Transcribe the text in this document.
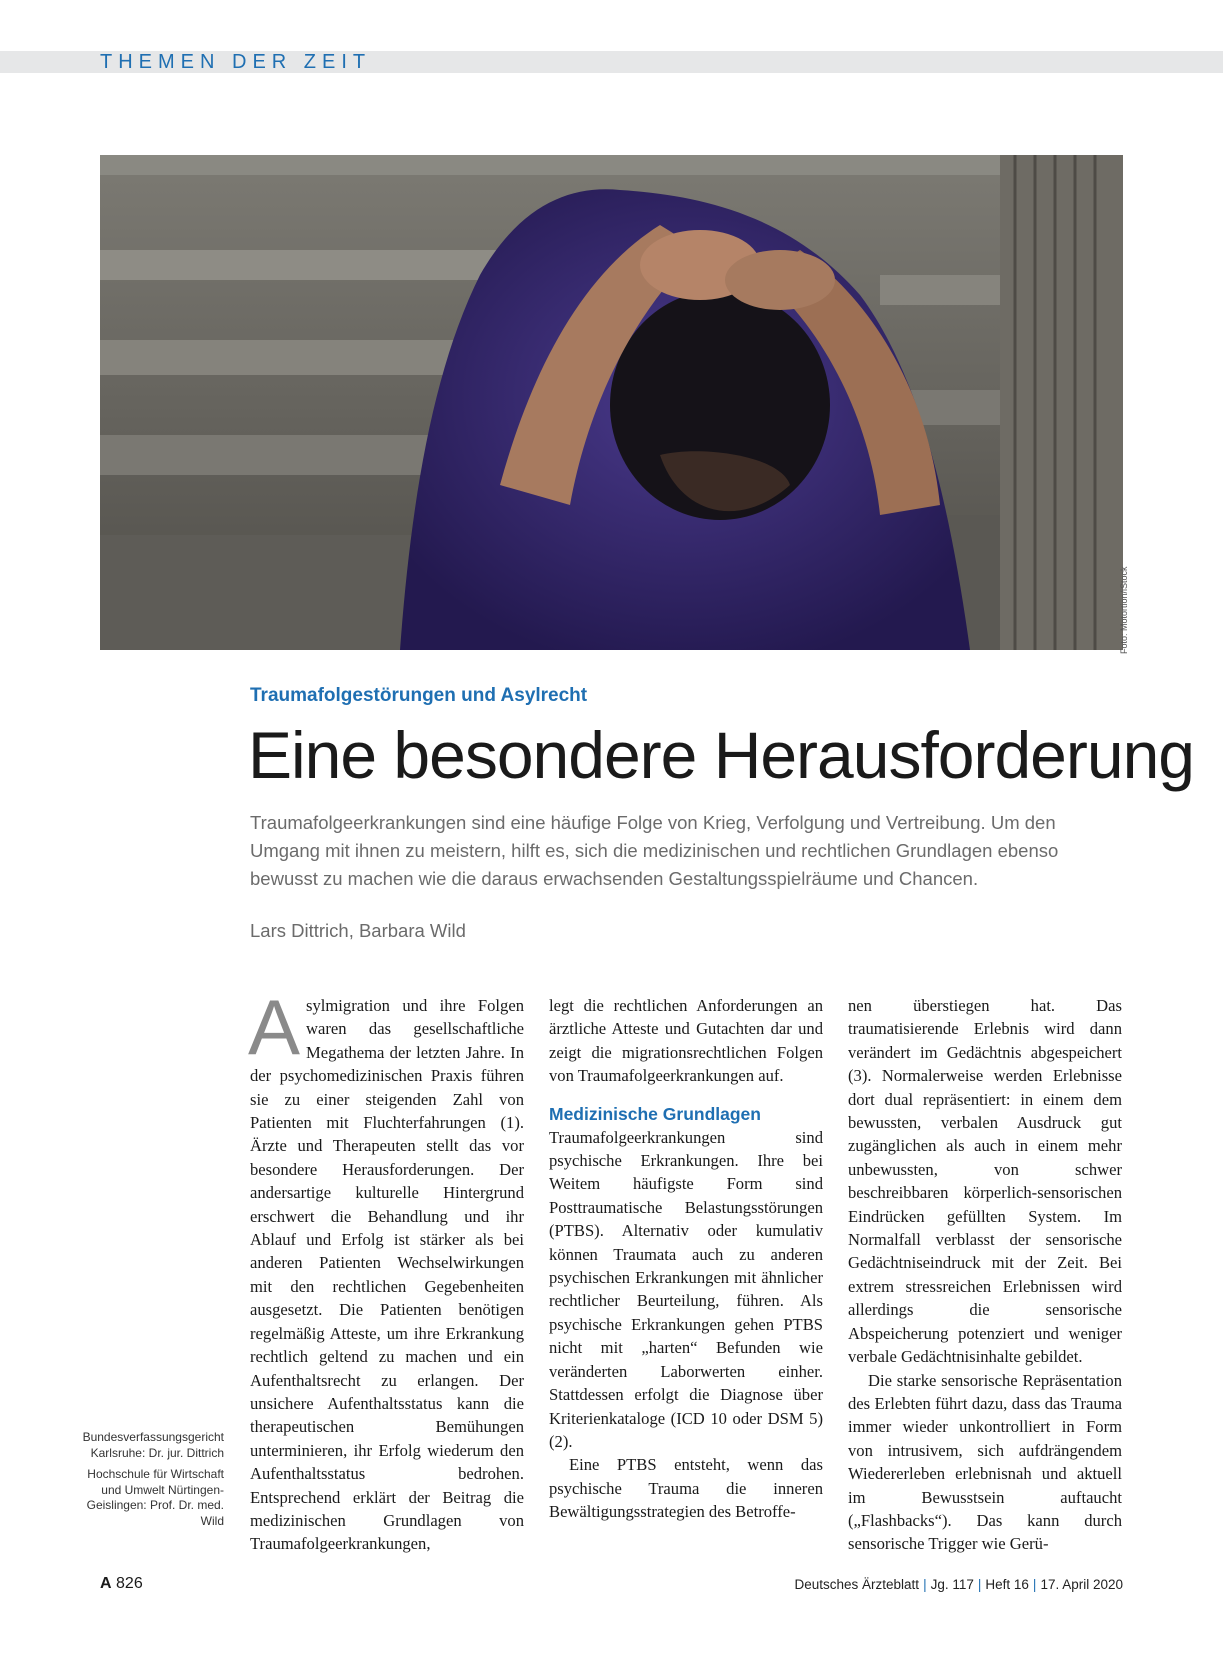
THEMEN DER ZEIT
Foto: Motortion/iStock
Traumafolgestörungen und Asylrecht
Eine besondere Herausforderung

Traumafolgeerkrankungen sind eine häufige Folge von Krieg, Verfolgung und Vertreibung. Um den Umgang mit ihnen zu meistern, hilft es, sich die medizinischen und rechtlichen Grundlagen ebenso bewusst zu machen wie die daraus erwachsenden Gestaltungsspielräume und Chancen.

Lars Dittrich, Barbara Wild

A sylmigration und ihre Folgen waren das gesellschaftliche Megathema der letzten Jahre. In der psychomedizinischen Praxis führen sie zu einer steigenden Zahl von Patienten mit Fluchterfahrungen (1). Ärzte und Therapeuten stellt das vor besondere Herausforderungen. Der andersartige kulturelle Hintergrund erschwert die Behandlung und ihr Ablauf und Erfolg ist stärker als bei anderen Patienten Wechselwirkungen mit den rechtlichen Gegebenheiten ausgesetzt. Die Patienten benötigen regelmäßig Atteste, um ihre Erkrankung rechtlich geltend zu machen und ein Aufenthaltsrecht zu erlangen. Der unsichere Aufenthaltsstatus kann die therapeutischen Bemühungen unterminieren, ihr Erfolg wiederum den Aufenthaltsstatus bedrohen. Entsprechend erklärt der Beitrag die medizinischen Grundlagen von Traumafolgeerkrankungen,

legt die rechtlichen Anforderungen an ärztliche Atteste und Gutachten dar und zeigt die migrationsrechtlichen Folgen von Traumafolgeerkrankungen auf.

Medizinische Grundlagen

Traumafolgeerkrankungen sind psychische Erkrankungen. Ihre bei Weitem häufigste Form sind Posttraumatische Belastungsstörungen (PTBS). Alternativ oder kumulativ können Traumata auch zu anderen psychischen Erkrankungen mit ähnlicher rechtlicher Beurteilung, führen. Als psychische Erkrankungen gehen PTBS nicht mit „harten“ Befunden wie veränderten Laborwerten einher. Stattdessen erfolgt die Diagnose über Kriterienkataloge (ICD 10 oder DSM 5) (2).

Eine PTBS entsteht, wenn das psychische Trauma die inneren Bewältigungsstrategien des Betroffe-

nen überstiegen hat. Das traumatisierende Erlebnis wird dann verändert im Gedächtnis abgespeichert (3). Normalerweise werden Erlebnisse dort dual repräsentiert: in einem dem bewussten, verbalen Ausdruck gut zugänglichen als auch in einem mehr unbewussten, von schwer beschreibbaren körperlich-sensorischen Eindrücken gefüllten System. Im Normalfall verblasst der sensorische Gedächtniseindruck mit der Zeit. Bei extrem stressreichen Erlebnissen wird allerdings die sensorische Abspeicherung potenziert und weniger verbale Gedächtnisinhalte gebildet.

Die starke sensorische Repräsentation des Erlebten führt dazu, dass das Trauma immer wieder unkontrolliert in Form von intrusivem, sich aufdrängendem Wiedererleben erlebnisnah und aktuell im Bewusstsein auftaucht („Flashbacks“). Das kann durch sensorische Trigger wie Gerü-

Bundesverfassungsgericht Karlsruhe: Dr. jur. Dittrich

Hochschule für Wirtschaft und Umwelt Nürtingen-Geislingen: Prof. Dr. med. Wild

A 826	Deutsches Ärzteblatt | Jg. 117 | Heft 16 | 17. April 2020
